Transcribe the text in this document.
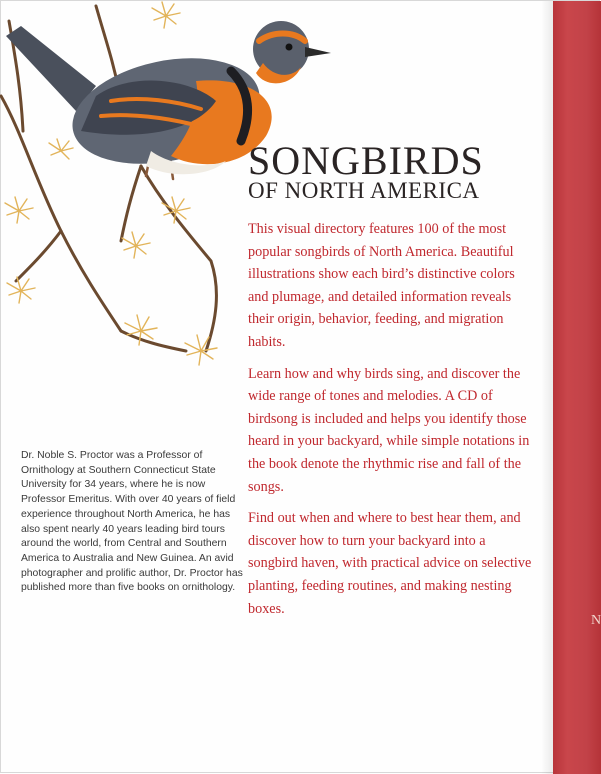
N
SONGBIRDS
OF NORTH AMERICA

This visual directory features 100 of the most popular songbirds of North America. Beautiful illustrations show each bird’s distinctive colors and plumage, and detailed information reveals their origin, behavior, feeding, and migration habits.

Learn how and why birds sing, and discover the wide range of tones and melodies. A CD of birdsong is included and helps you identify those heard in your backyard, while simple notations in the book denote the rhythmic rise and fall of the songs.

Find out when and where to best hear them, and discover how to turn your backyard into a songbird haven, with practical advice on selective planting, feeding routines, and making nesting boxes.

Dr. Noble S. Proctor was a Professor of Ornithology at Southern Connecticut State University for 34 years, where he is now Professor Emeritus. With over 40 years of field experience throughout North America, he has also spent nearly 40 years leading bird tours around the world, from Central and Southern America to Australia and New Guinea. An avid photographer and prolific author, Dr. Proctor has published more than five books on ornithology.
